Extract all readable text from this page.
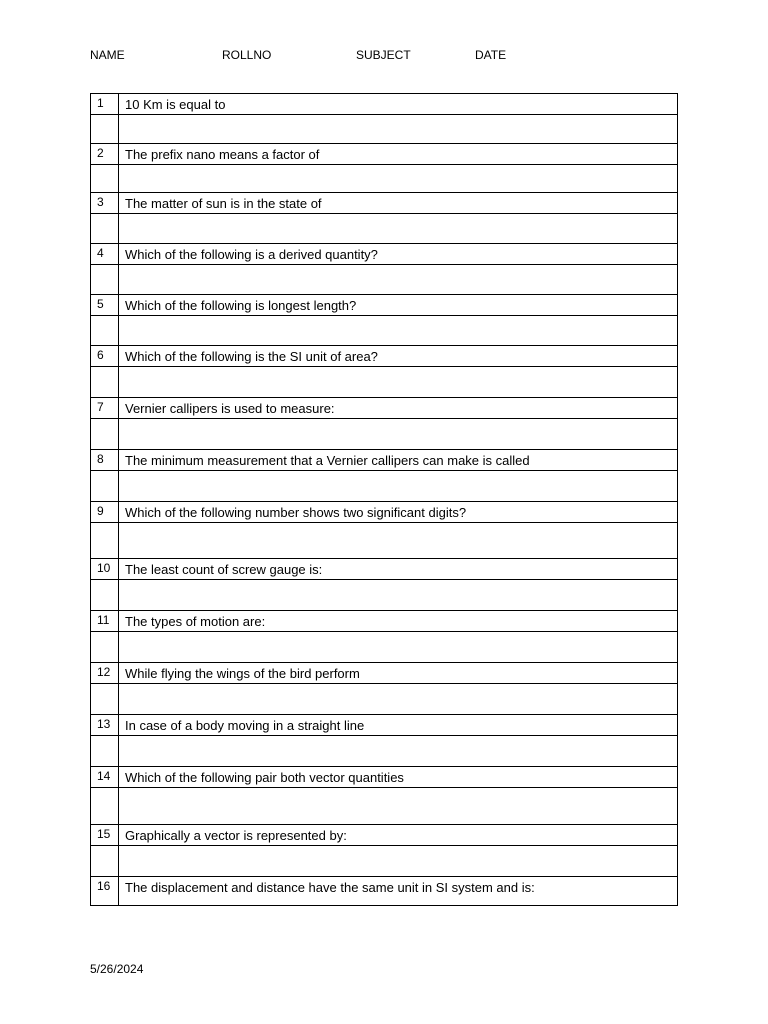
NAME	ROLLNO	SUBJECT	DATE
1	10 Km is equal to

2	The prefix nano means a factor of

3	The matter of sun is in the state of

4	Which of the following is a derived quantity?

5	Which of the following is longest length?

6	Which of the following is the SI unit of area?

7	Vernier callipers is used to measure:

8	The minimum measurement that a Vernier callipers can make is called

9	Which of the following number shows two significant digits?

10	The least count of screw gauge is:

11	The types of motion are:

12	While flying the wings of the bird perform

13	In case of a body moving in a straight line

14	Which of the following pair both vector quantities

15	Graphically a vector is represented by:

16	The displacement and distance have the same unit in SI system and is:
5/26/2024
